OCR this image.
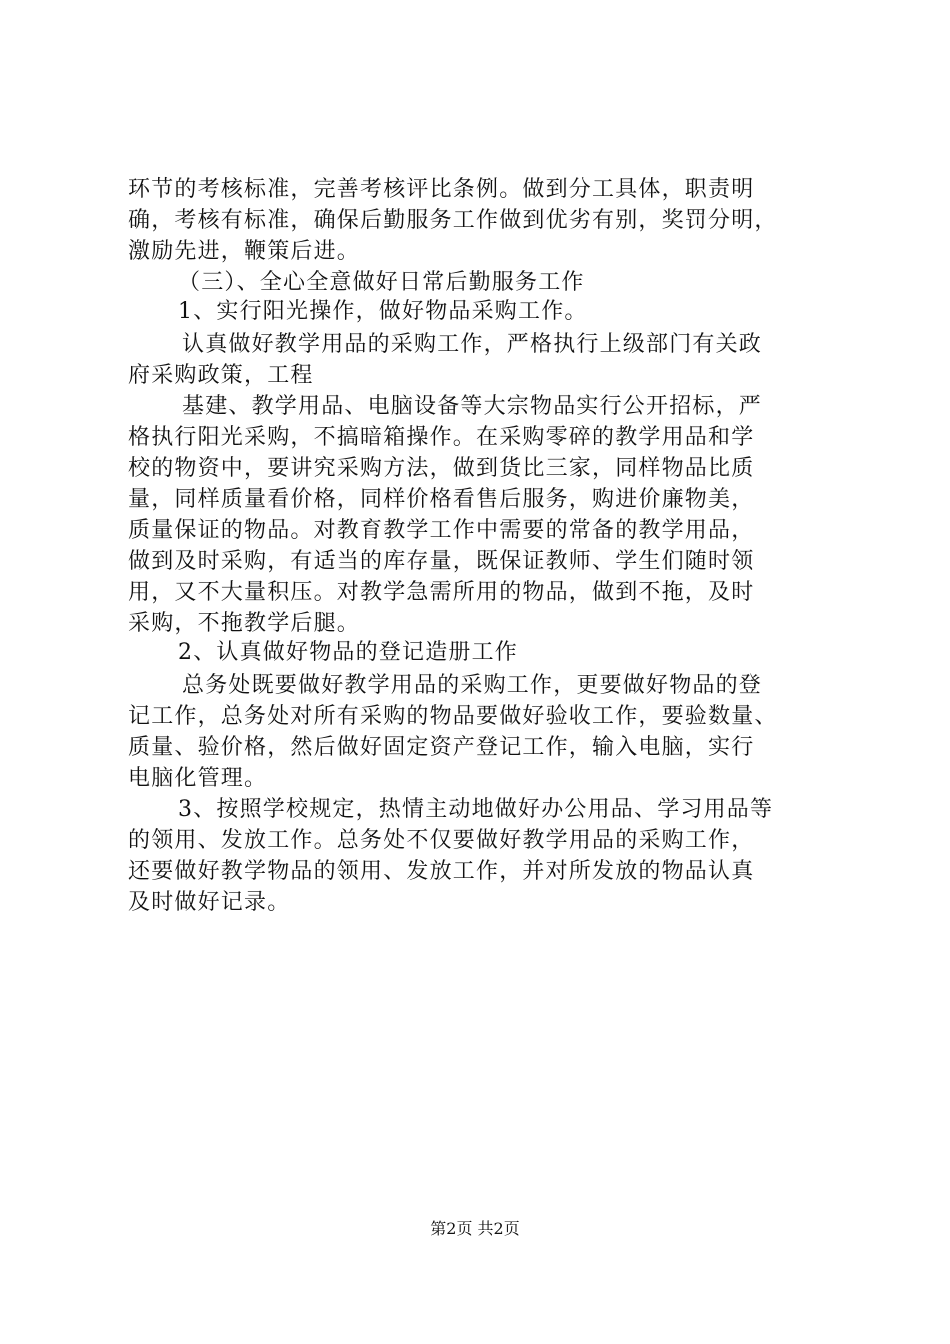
环节的考核标准，完善考核评比条例。做到分工具体，职责明
确，考核有标准，确保后勤服务工作做到优劣有别，奖罚分明，
激励先进，鞭策后进。
（三）、全心全意做好日常后勤服务工作
1、实行阳光操作，做好物品采购工作。
认真做好教学用品的采购工作，严格执行上级部门有关政
府采购政策，工程
基建、教学用品、电脑设备等大宗物品实行公开招标，严
格执行阳光采购，不搞暗箱操作。在采购零碎的教学用品和学
校的物资中，要讲究采购方法，做到货比三家，同样物品比质
量，同样质量看价格，同样价格看售后服务，购进价廉物美，
质量保证的物品。对教育教学工作中需要的常备的教学用品，
做到及时采购，有适当的库存量，既保证教师、学生们随时领
用，又不大量积压。对教学急需所用的物品，做到不拖，及时
采购，不拖教学后腿。
2、认真做好物品的登记造册工作
总务处既要做好教学用品的采购工作，更要做好物品的登
记工作，总务处对所有采购的物品要做好验收工作，要验数量、
质量、验价格，然后做好固定资产登记工作，输入电脑，实行
电脑化管理。
3、按照学校规定，热情主动地做好办公用品、学习用品等
的领用、发放工作。总务处不仅要做好教学用品的采购工作，
还要做好教学物品的领用、发放工作，并对所发放的物品认真
及时做好记录。
第2页 共2页
